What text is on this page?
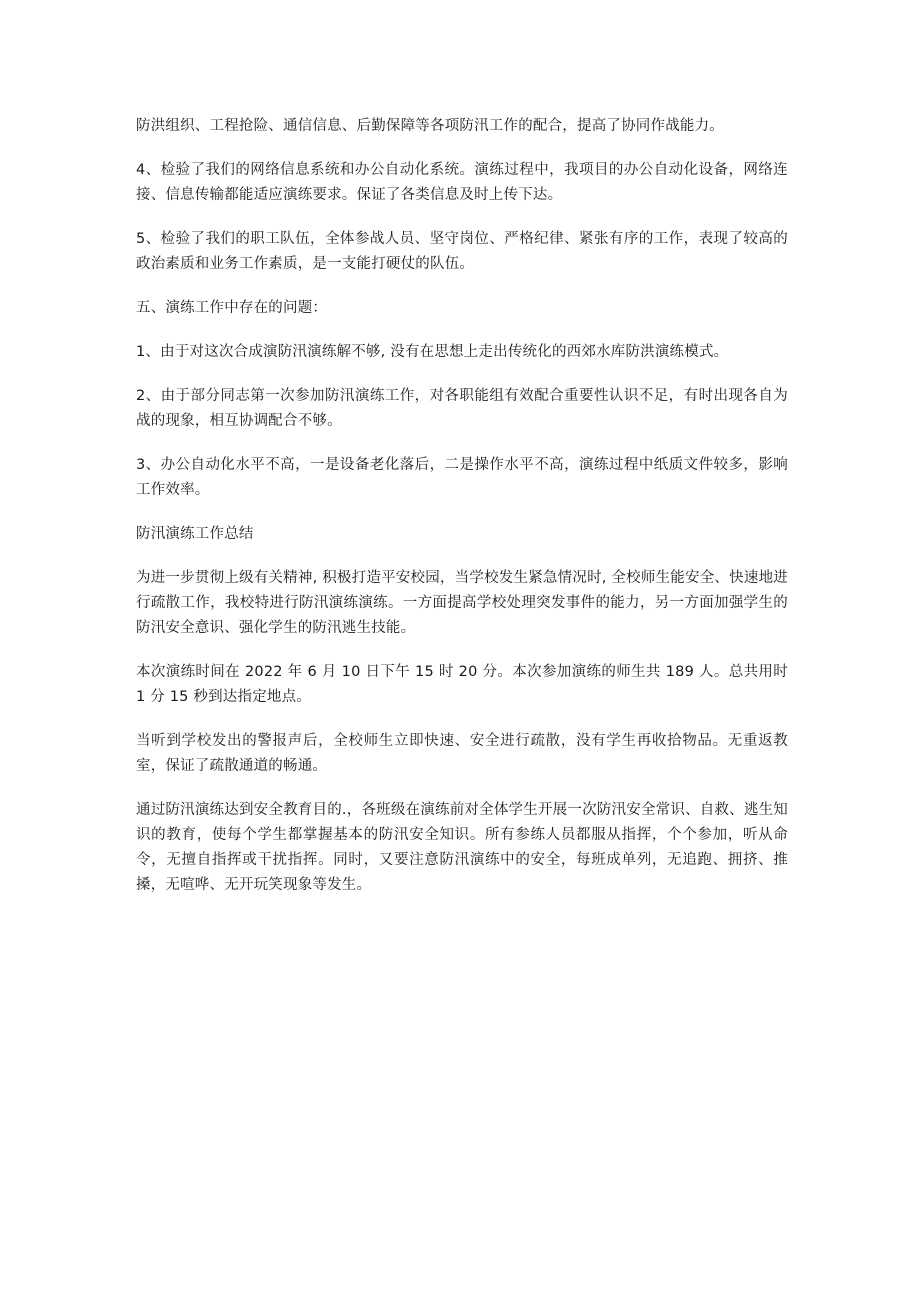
防洪组织、工程抢险、通信信息、后勤保障等各项防汛工作的配合，提高了协同作战能力。

4、检验了我们的网络信息系统和办公自动化系统。演练过程中，我项目的办公自动化设备，网络连接、信息传输都能适应演练要求。保证了各类信息及时上传下达。

5、检验了我们的职工队伍，全体参战人员、坚守岗位、严格纪律、紧张有序的工作，表现了较高的政治素质和业务工作素质，是一支能打硬仗的队伍。

五、演练工作中存在的问题：

1、由于对这次合成演防汛演练解不够, 没有在思想上走出传统化的西郊水库防洪演练模式。

2、由于部分同志第一次参加防汛演练工作，对各职能组有效配合重要性认识不足，有时出现各自为战的现象，相互协调配合不够。

3、办公自动化水平不高，一是设备老化落后，二是操作水平不高，演练过程中纸质文件较多，影响工作效率。

防汛演练工作总结

为进一步贯彻上级有关精神, 积极打造平安校园，当学校发生紧急情况时, 全校师生能安全、快速地进行疏散工作，我校特进行防汛演练演练。一方面提高学校处理突发事件的能力，另一方面加强学生的防汛安全意识、强化学生的防汛逃生技能。

本次演练时间在 2022 年 6 月 10 日下午 15 时 20 分。本次参加演练的师生共 189 人。总共用时 1 分 15 秒到达指定地点。

当听到学校发出的警报声后，全校师生立即快速、安全进行疏散，没有学生再收拾物品。无重返教室，保证了疏散通道的畅通。

通过防汛演练达到安全教育目的.，各班级在演练前对全体学生开展一次防汛安全常识、自救、逃生知识的教育，使每个学生都掌握基本的防汛安全知识。所有参练人员都服从指挥，个个参加，听从命令，无擅自指挥或干扰指挥。同时，又要注意防汛演练中的安全，每班成单列，无追跑、拥挤、推搡，无喧哗、无开玩笑现象等发生。
